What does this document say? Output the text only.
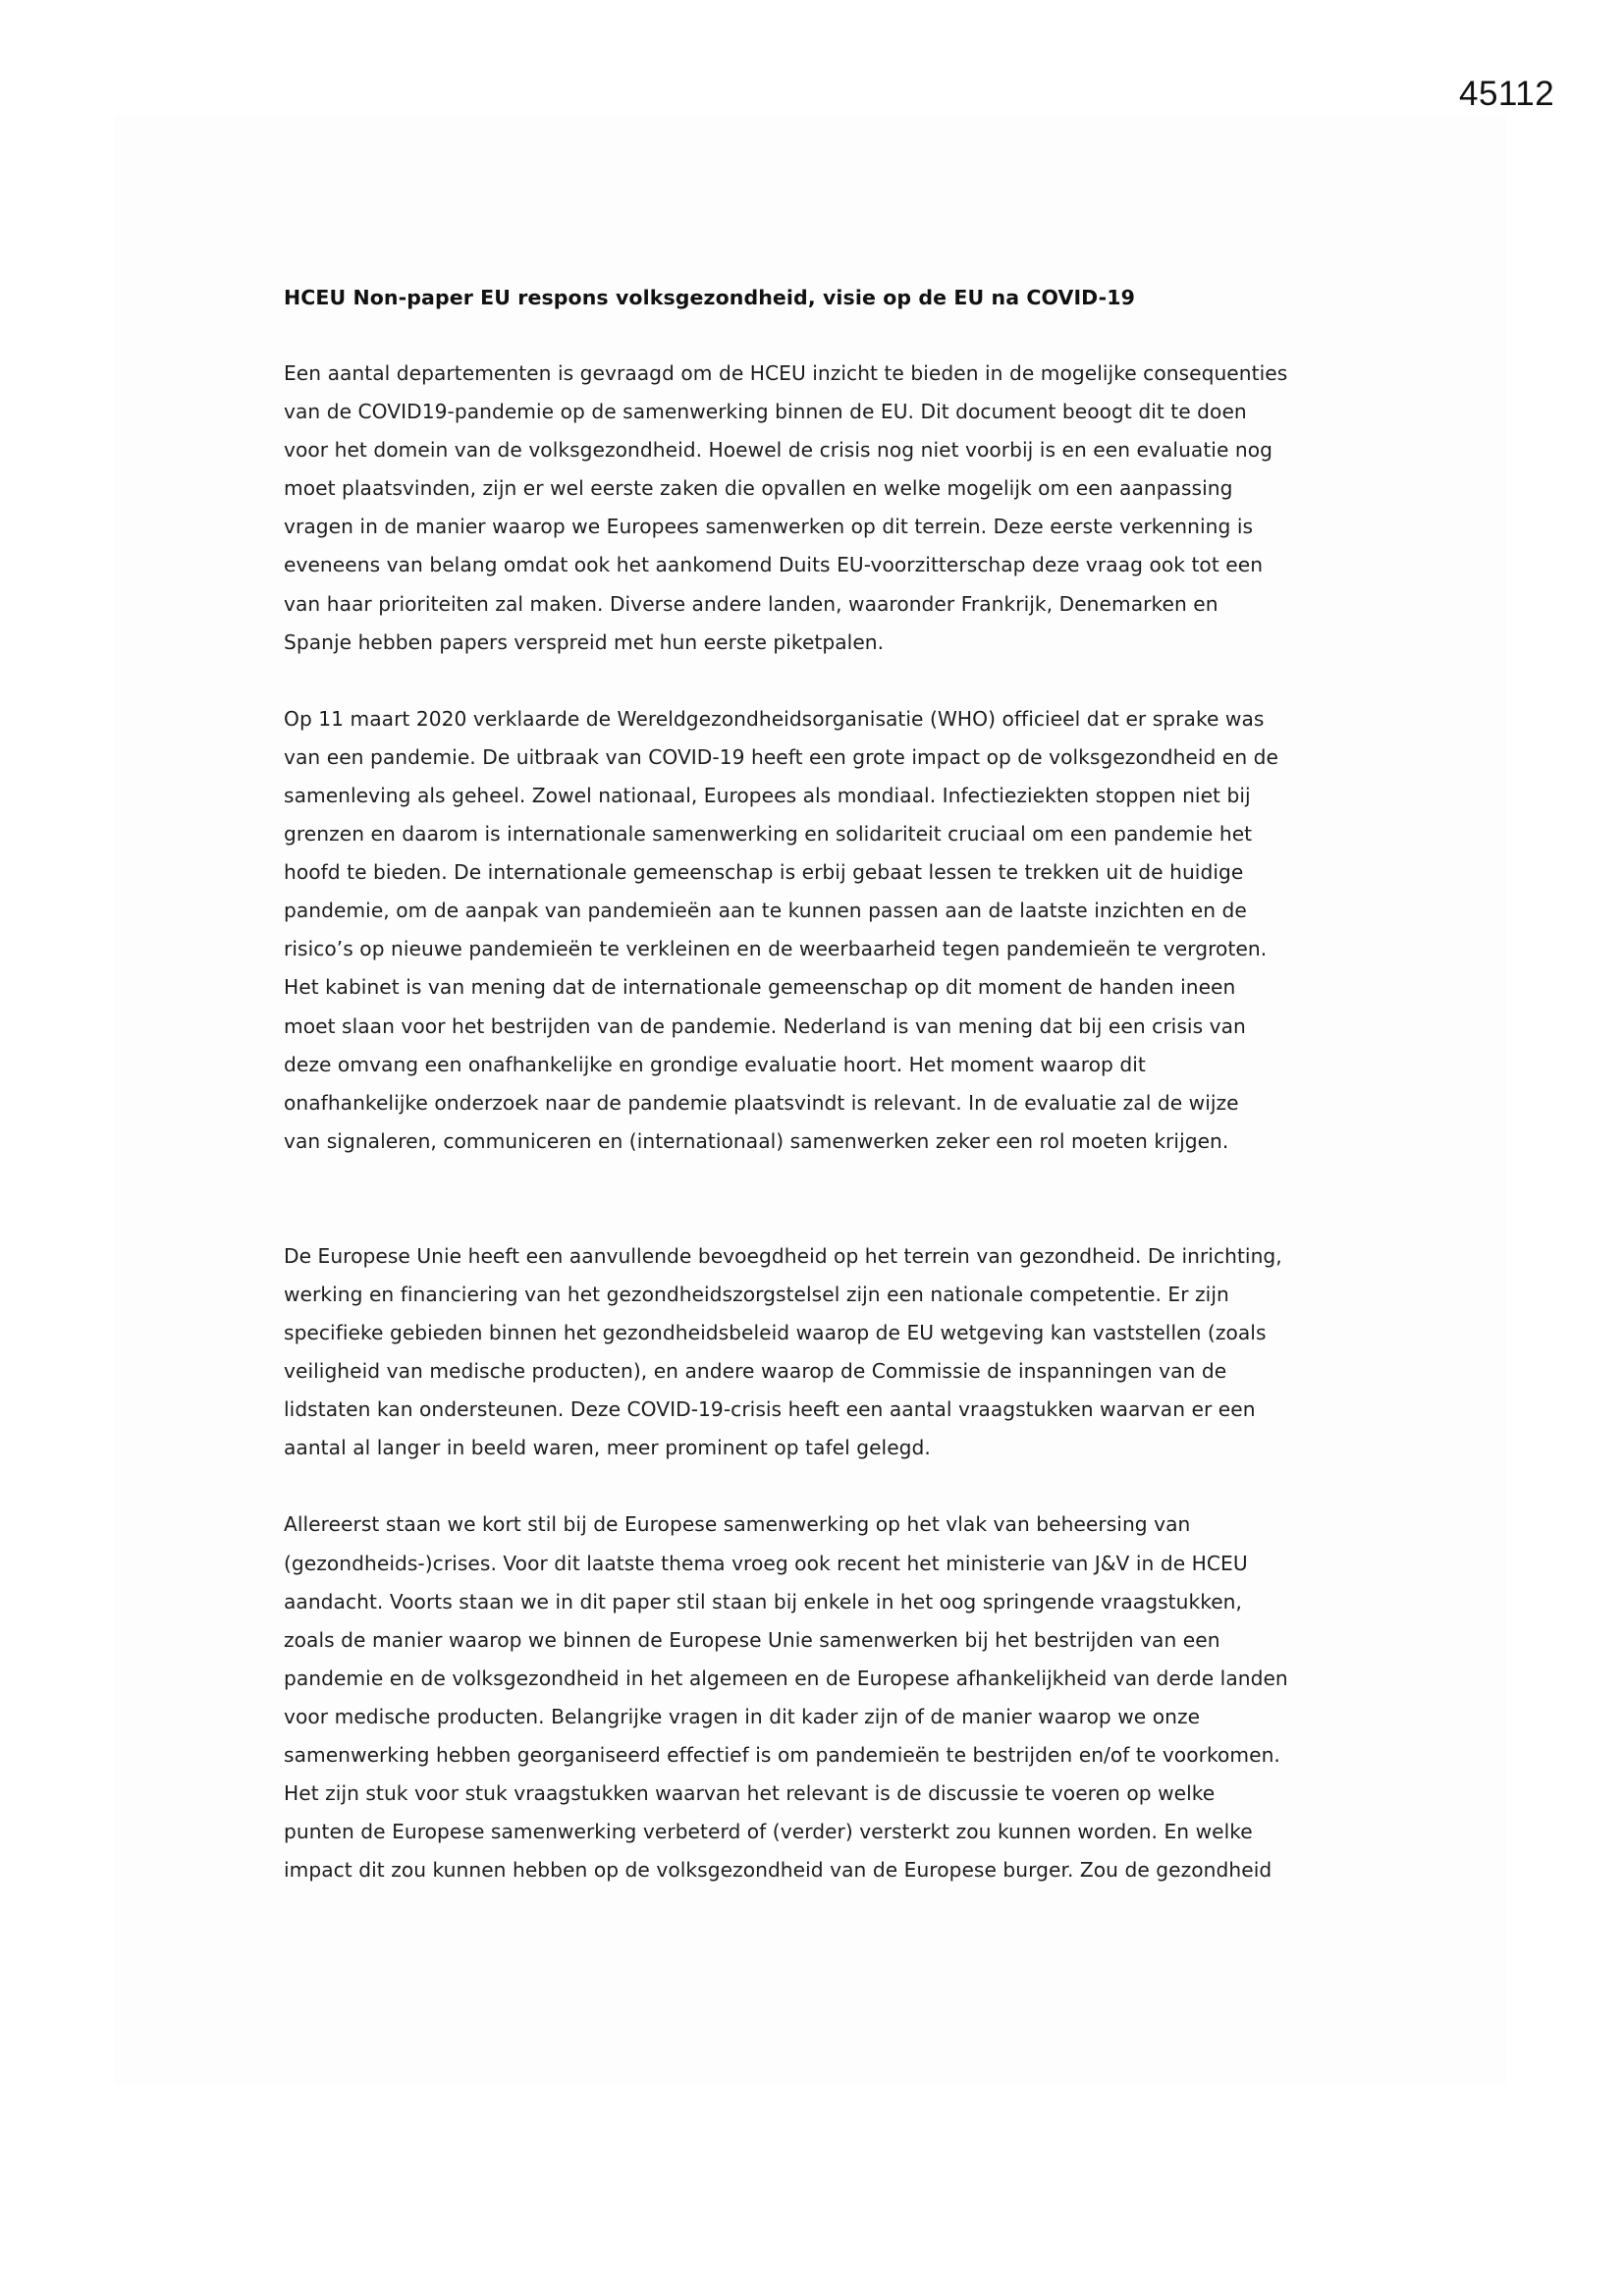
45112
HCEU Non-paper EU respons volksgezondheid, visie op de EU na COVID-19

Een aantal departementen is gevraagd om de HCEU inzicht te bieden in de mogelijke consequenties
van de COVID19-pandemie op de samenwerking binnen de EU. Dit document beoogt dit te doen
voor het domein van de volksgezondheid. Hoewel de crisis nog niet voorbij is en een evaluatie nog
moet plaatsvinden, zijn er wel eerste zaken die opvallen en welke mogelijk om een aanpassing
vragen in de manier waarop we Europees samenwerken op dit terrein. Deze eerste verkenning is
eveneens van belang omdat ook het aankomend Duits EU-voorzitterschap deze vraag ook tot een
van haar prioriteiten zal maken. Diverse andere landen, waaronder Frankrijk, Denemarken en
Spanje hebben papers verspreid met hun eerste piketpalen.

Op 11 maart 2020 verklaarde de Wereldgezondheidsorganisatie (WHO) officieel dat er sprake was
van een pandemie. De uitbraak van COVID-19 heeft een grote impact op de volksgezondheid en de
samenleving als geheel. Zowel nationaal, Europees als mondiaal. Infectieziekten stoppen niet bij
grenzen en daarom is internationale samenwerking en solidariteit cruciaal om een pandemie het
hoofd te bieden. De internationale gemeenschap is erbij gebaat lessen te trekken uit de huidige
pandemie, om de aanpak van pandemieën aan te kunnen passen aan de laatste inzichten en de
risico’s op nieuwe pandemieën te verkleinen en de weerbaarheid tegen pandemieën te vergroten.
Het kabinet is van mening dat de internationale gemeenschap op dit moment de handen ineen
moet slaan voor het bestrijden van de pandemie. Nederland is van mening dat bij een crisis van
deze omvang een onafhankelijke en grondige evaluatie hoort. Het moment waarop dit
onafhankelijke onderzoek naar de pandemie plaatsvindt is relevant. In de evaluatie zal de wijze
van signaleren, communiceren en (internationaal) samenwerken zeker een rol moeten krijgen.

De Europese Unie heeft een aanvullende bevoegdheid op het terrein van gezondheid. De inrichting,
werking en financiering van het gezondheidszorgstelsel zijn een nationale competentie. Er zijn
specifieke gebieden binnen het gezondheidsbeleid waarop de EU wetgeving kan vaststellen (zoals
veiligheid van medische producten), en andere waarop de Commissie de inspanningen van de
lidstaten kan ondersteunen. Deze COVID-19-crisis heeft een aantal vraagstukken waarvan er een
aantal al langer in beeld waren, meer prominent op tafel gelegd.

Allereerst staan we kort stil bij de Europese samenwerking op het vlak van beheersing van
(gezondheids-)crises. Voor dit laatste thema vroeg ook recent het ministerie van J&V in de HCEU
aandacht. Voorts staan we in dit paper stil staan bij enkele in het oog springende vraagstukken,
zoals de manier waarop we binnen de Europese Unie samenwerken bij het bestrijden van een
pandemie en de volksgezondheid in het algemeen en de Europese afhankelijkheid van derde landen
voor medische producten. Belangrijke vragen in dit kader zijn of de manier waarop we onze
samenwerking hebben georganiseerd effectief is om pandemieën te bestrijden en/of te voorkomen.
Het zijn stuk voor stuk vraagstukken waarvan het relevant is de discussie te voeren op welke
punten de Europese samenwerking verbeterd of (verder) versterkt zou kunnen worden. En welke
impact dit zou kunnen hebben op de volksgezondheid van de Europese burger. Zou de gezondheid
